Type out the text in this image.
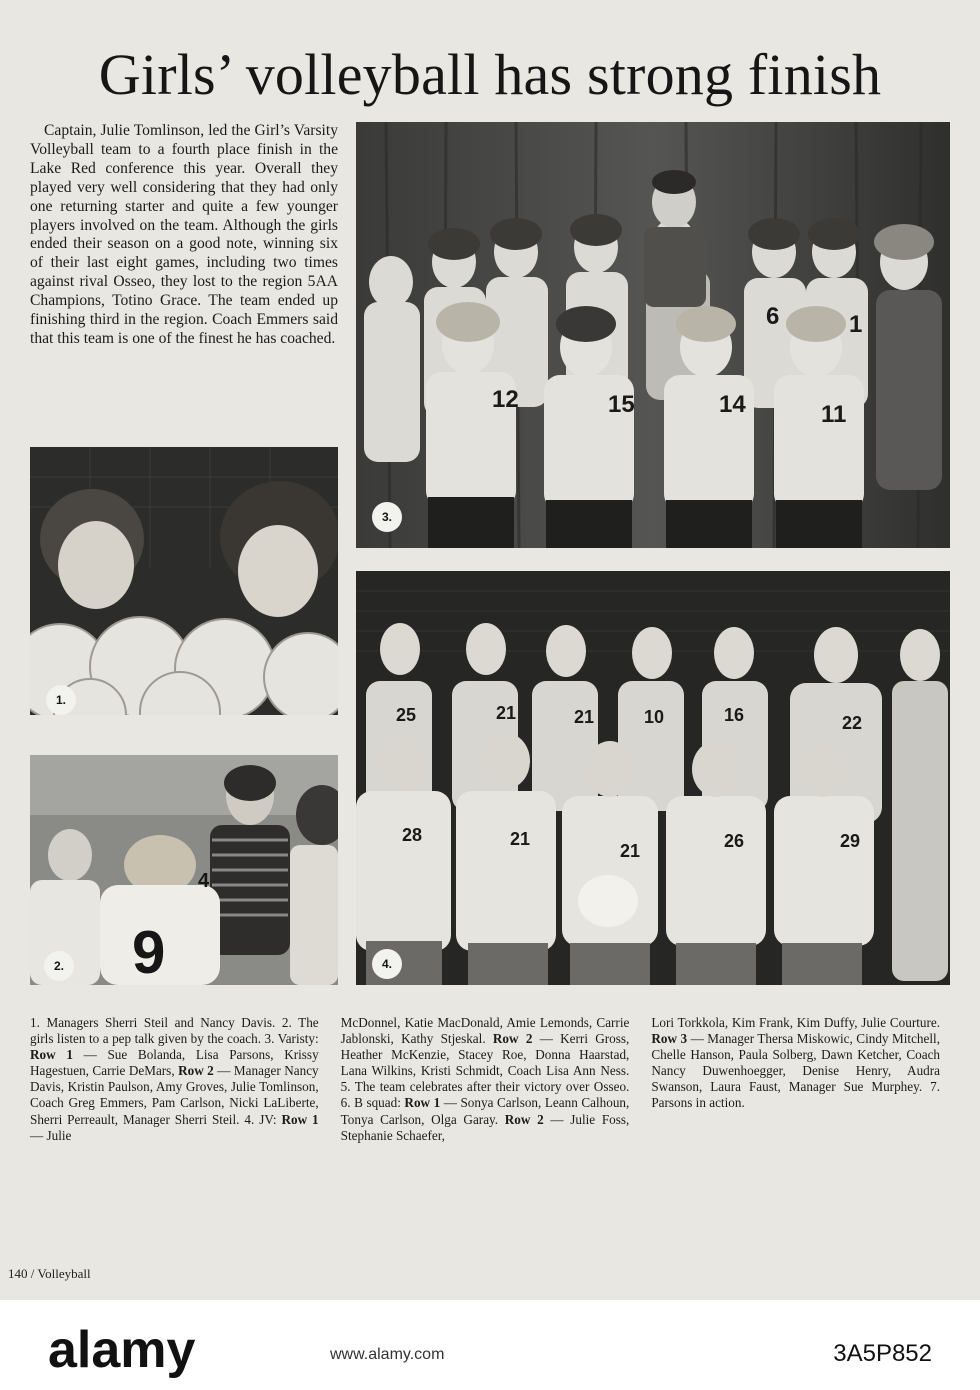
Girls’ volleyball has strong finish

Captain, Julie Tomlinson, led the Girl’s Varsity Volleyball team to a fourth place finish in the Lake Red conference this year. Overall they played very well considering that they had only one returning starter and quite a few younger players involved on the team. Although the girls ended their season on a good note, winning six of their last eight games, including two times against rival Osseo, they lost to the region 5AA Champions, Totino Grace. The team ended up finishing third in the region. Coach Emmers said that this team is one of the finest he has coached.

12	15	14	11
6	1
3.
1.
9
4
2.
25	21	21	10	16	22
28	21
21	26	29
4.
1. Managers Sherri Steil and Nancy Davis. 2. The girls listen to a pep talk given by the coach. 3. Varisty: Row 1 — Sue Bolanda, Lisa Parsons, Krissy Hagestuen, Carrie DeMars, Row 2 — Manager Nancy Davis, Kristin Paulson, Amy Groves, Julie Tomlinson, Coach Greg Emmers, Pam Carlson, Nicki LaLiberte, Sherri Perreault, Manager Sherri Steil. 4. JV: Row 1 — Julie
McDonnel, Katie MacDonald, Amie Lemonds, Carrie Jablonski, Kathy Stjeskal. Row 2 — Kerri Gross, Heather McKenzie, Stacey Roe, Donna Haarstad, Lana Wilkins, Kristi Schmidt, Coach Lisa Ann Ness. 5. The team celebrates after their victory over Osseo. 6. B squad: Row 1 — Sonya Carlson, Leann Calhoun, Tonya Carlson, Olga Garay. Row 2 — Julie Foss, Stephanie Schaefer,
Lori Torkkola, Kim Frank, Kim Duffy, Julie Courture. Row 3 — Manager Thersa Miskowic, Cindy Mitchell, Chelle Hanson, Paula Solberg, Dawn Ketcher, Coach Nancy Duwenhoegger, Denise Henry, Audra Swanson, Laura Faust, Manager Sue Murphey. 7. Parsons in action.
140 / Volleyball
alamy	www.alamy.com	3A5P852
